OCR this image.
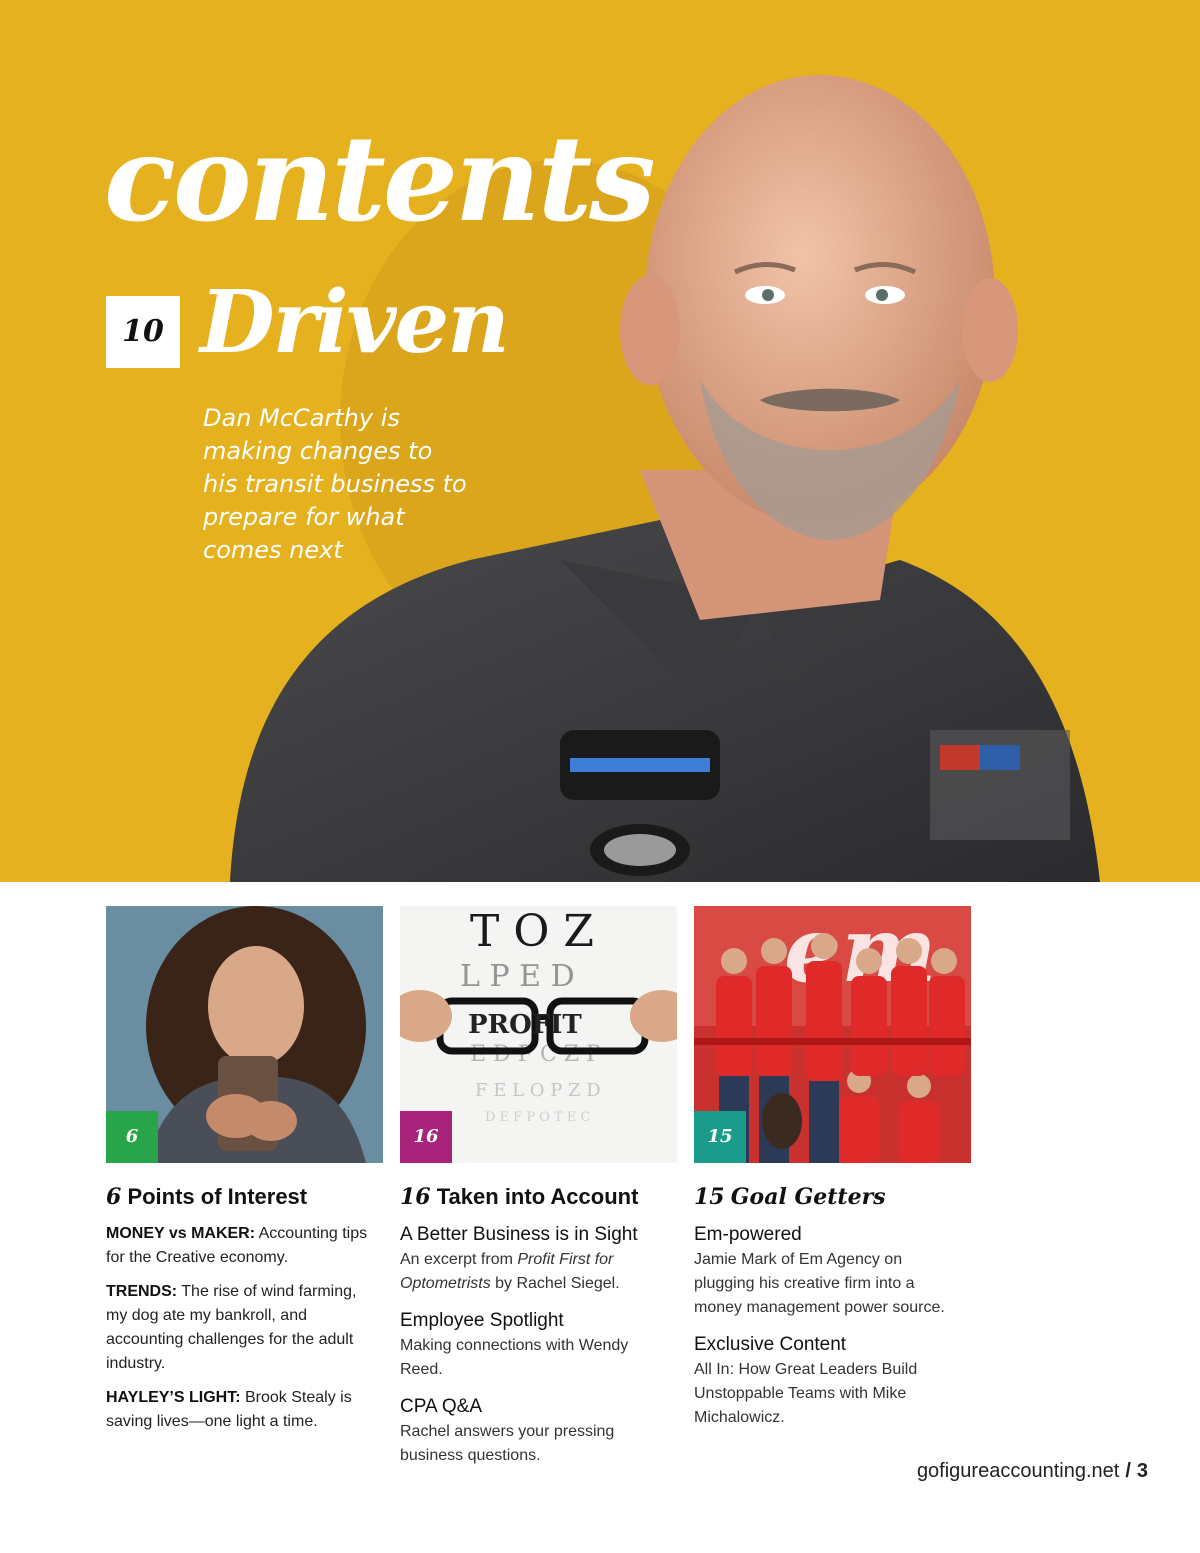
contents
10 Driven

Dan McCarthy is making changes to his transit business to prepare for what comes next

6
T O Z
L P E D
E D F C Z P
F E L O P Z D
D E F P O T E C
PROFIT
16	15
6 Points of Interest

MONEY vs MAKER: Accounting tips for the Creative economy.

TRENDS: The rise of wind farming, my dog ate my bankroll, and accounting challenges for the adult industry.

HAYLEY’S LIGHT: Brook Stealy is saving lives—one light a time.

16 Taken into Account

A Better Business is in Sight

An excerpt from Profit First for Optometrists by Rachel Siegel.

Employee Spotlight

Making connections with Wendy Reed.

CPA Q&A

Rachel answers your pressing business questions.

15 Goal Getters

Em-powered

Jamie Mark of Em Agency on plugging his creative firm into a money management power source.

Exclusive Content

All In: How Great Leaders Build Unstoppable Teams with Mike Michalowicz.

gofigureaccounting.net / 3
